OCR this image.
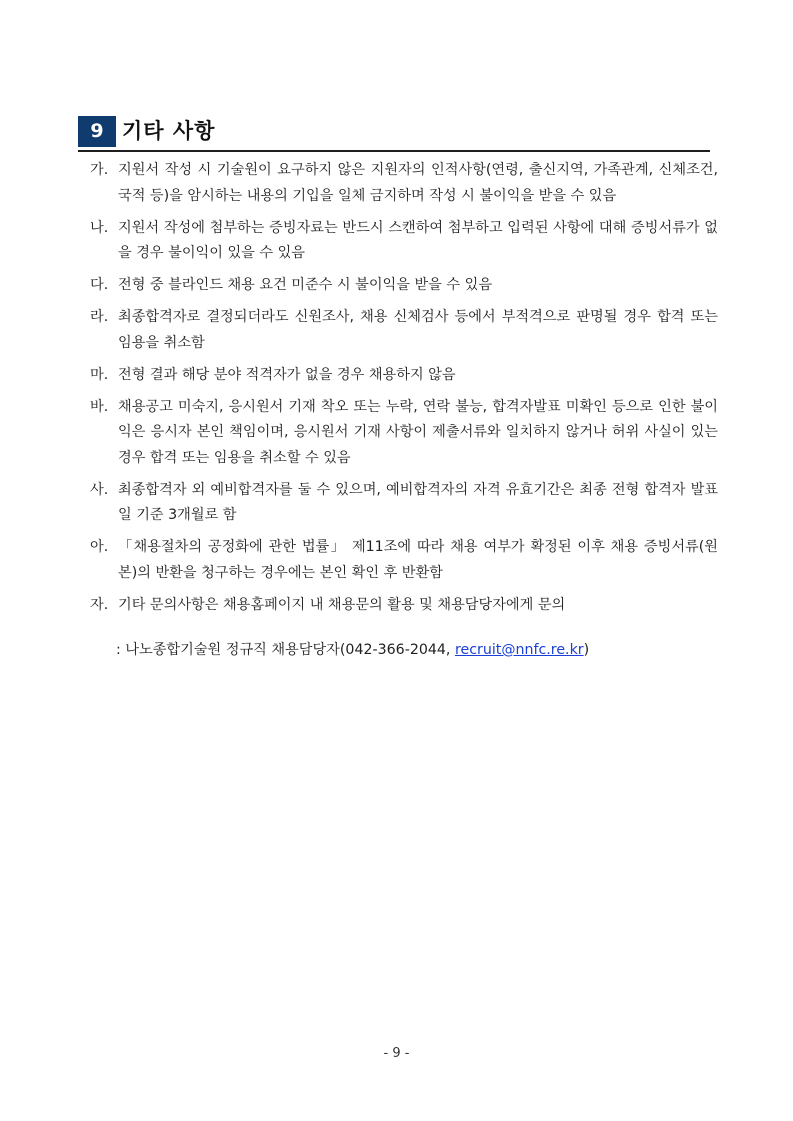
9 기타 사항
가. 지원서 작성 시 기술원이 요구하지 않은 지원자의 인적사항(연령, 출신지역, 가족관계, 신체조건, 국적 등)을 암시하는 내용의 기입을 일체 금지하며 작성 시 불이익을 받을 수 있음
나. 지원서 작성에 첨부하는 증빙자료는 반드시 스캔하여 첨부하고 입력된 사항에 대해 증빙서류가 없을 경우 불이익이 있을 수 있음
다. 전형 중 블라인드 채용 요건 미준수 시 불이익을 받을 수 있음
라. 최종합격자로 결정되더라도 신원조사, 채용 신체검사 등에서 부적격으로 판명될 경우 합격 또는 임용을 취소함
마. 전형 결과 해당 분야 적격자가 없을 경우 채용하지 않음
바. 채용공고 미숙지, 응시원서 기재 착오 또는 누락, 연락 불능, 합격자발표 미확인 등으로 인한 불이익은 응시자 본인 책임이며, 응시원서 기재 사항이 제출서류와 일치하지 않거나 허위 사실이 있는 경우 합격 또는 임용을 취소할 수 있음
사. 최종합격자 외 예비합격자를 둘 수 있으며, 예비합격자의 자격 유효기간은 최종 전형 합격자 발표일 기준 3개월로 함
아. 「채용절차의 공정화에 관한 법률」 제11조에 따라 채용 여부가 확정된 이후 채용 증빙서류(원본)의 반환을 청구하는 경우에는 본인 확인 후 반환함
자. 기타 문의사항은 채용홈페이지 내 채용문의 활용 및 채용담당자에게 문의
: 나노종합기술원 정규직 채용담당자(042-366-2044, recruit@nnfc.re.kr)
- 9 -
